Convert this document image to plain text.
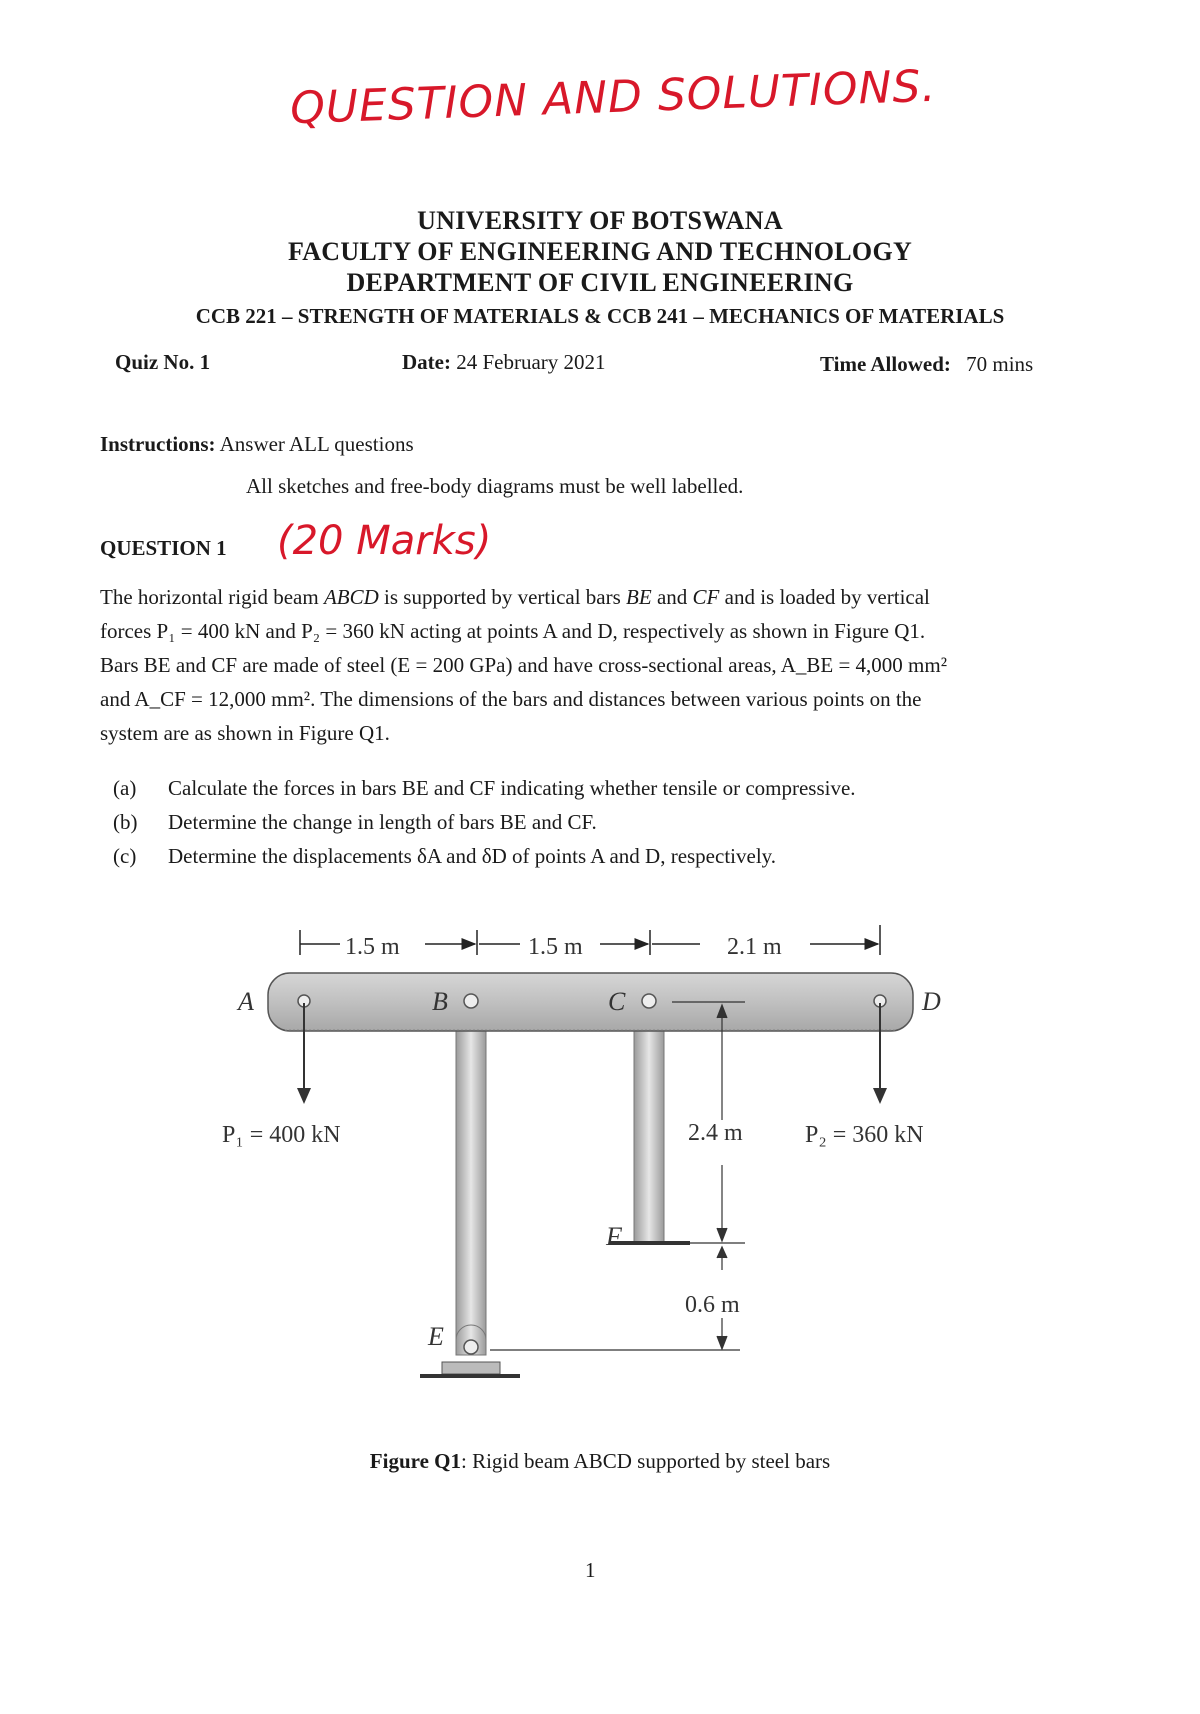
QUESTION AND SOLUTIONS.
UNIVERSITY OF BOTSWANA
FACULTY OF ENGINEERING AND TECHNOLOGY
DEPARTMENT OF CIVIL ENGINEERING
CCB 221 – STRENGTH OF MATERIALS & CCB 241 – MECHANICS OF MATERIALS
Quiz No. 1	Date: 24 February 2021	Time Allowed: 70 mins
Instructions: Answer ALL questions
All sketches and free-body diagrams must be well labelled.
QUESTION 1 (20 Marks)
The horizontal rigid beam ABCD is supported by vertical bars BE and CF and is loaded by vertical
forces P₁ = 400 kN and P₂ = 360 kN acting at points A and D, respectively as shown in Figure Q1.
Bars BE and CF are made of steel (E = 200 GPa) and have cross-sectional areas, A_BE = 4,000 mm²
and A_CF = 12,000 mm². The dimensions of the bars and distances between various points on the
system are as shown in Figure Q1.
(a) Calculate the forces in bars BE and CF indicating whether tensile or compressive.
(b) Determine the change in length of bars BE and CF.
(c) Determine the displacements δA and δD of points A and D, respectively.
1.5 m	1.5 m	2.1 m
2.4 m
0.6 m
A	B	C	D
E
F
P₁ = 400 kN	P₂ = 360 kN
Figure Q1: Rigid beam ABCD supported by steel bars
1
